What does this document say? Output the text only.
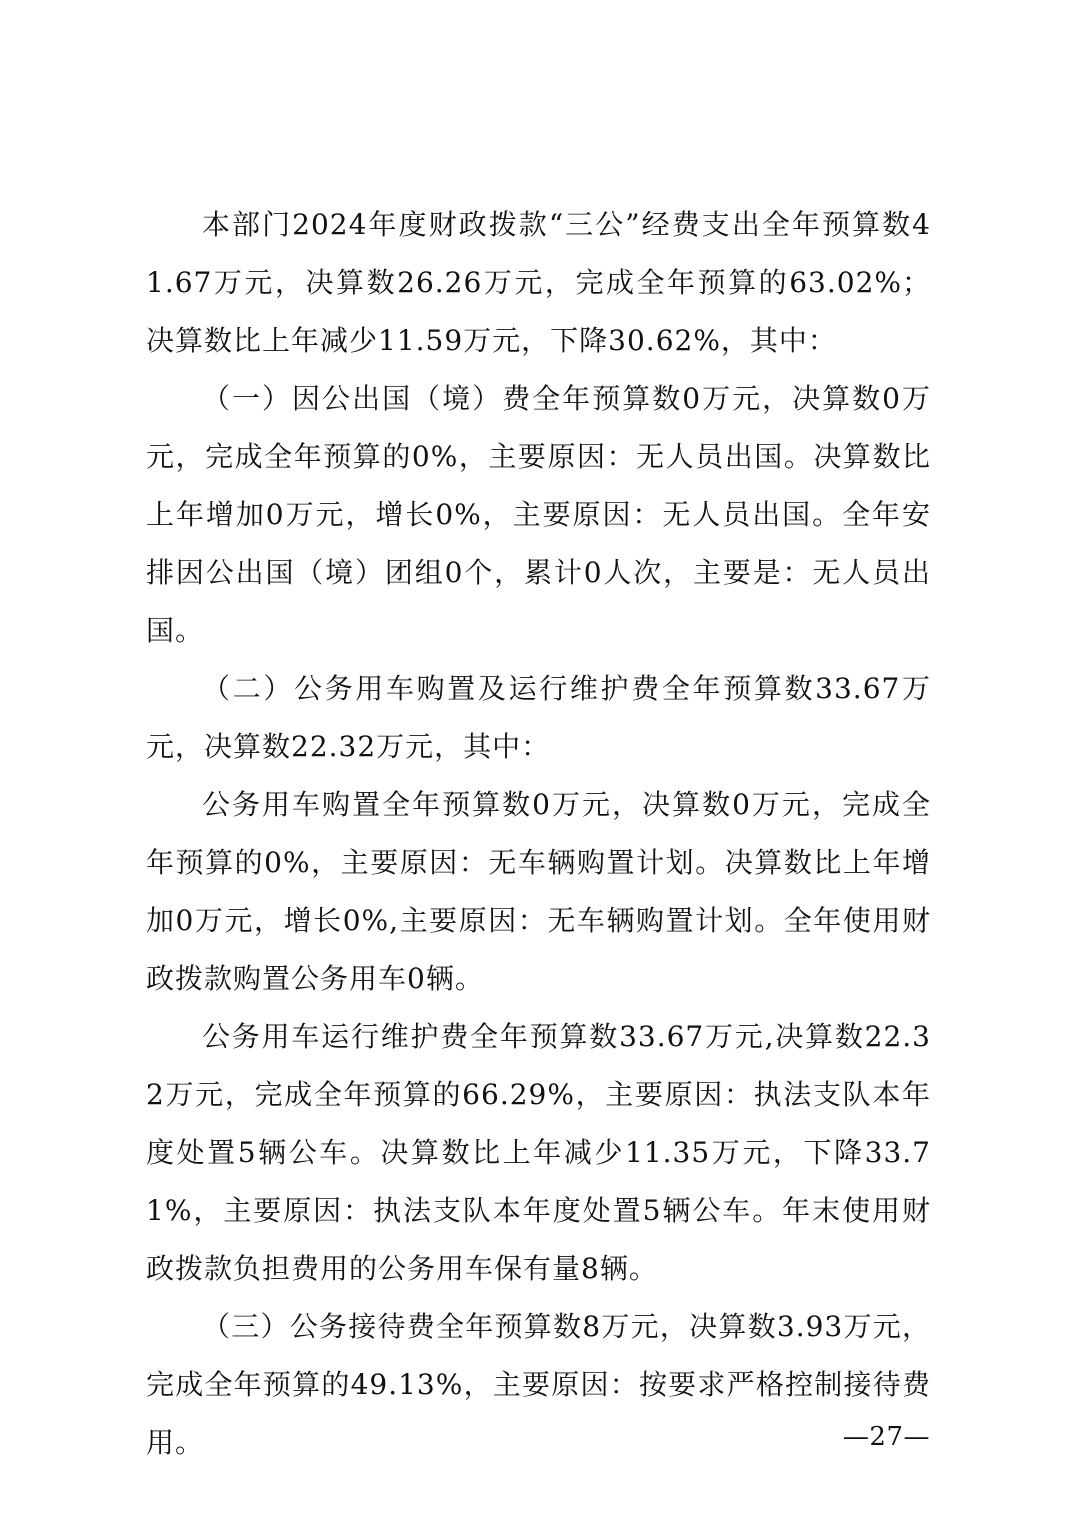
本部门2024年度财政拨款“三公”经费支出全年预算数41.67万元，决算数26.26万元，完成全年预算的63.02%；决算数比上年减少11.59万元，下降30.62%，其中：

（一）因公出国（境）费全年预算数0万元，决算数0万元，完成全年预算的0%，主要原因：无人员出国。决算数比上年增加0万元，增长0%，主要原因：无人员出国。全年安排因公出国（境）团组0个，累计0人次，主要是：无人员出国。

（二）公务用车购置及运行维护费全年预算数33.67万元，决算数22.32万元，其中：

公务用车购置全年预算数0万元，决算数0万元，完成全年预算的0%，主要原因：无车辆购置计划。决算数比上年增加0万元，增长0%,主要原因：无车辆购置计划。全年使用财政拨款购置公务用车0辆。

公务用车运行维护费全年预算数33.67万元,决算数22.32万元，完成全年预算的66.29%，主要原因：执法支队本年度处置5辆公车。决算数比上年减少11.35万元，下降33.71%，主要原因：执法支队本年度处置5辆公车。年末使用财政拨款负担费用的公务用车保有量8辆。

（三）公务接待费全年预算数8万元，决算数3.93万元，完成全年预算的49.13%，主要原因：按要求严格控制接待费用。	—27—
